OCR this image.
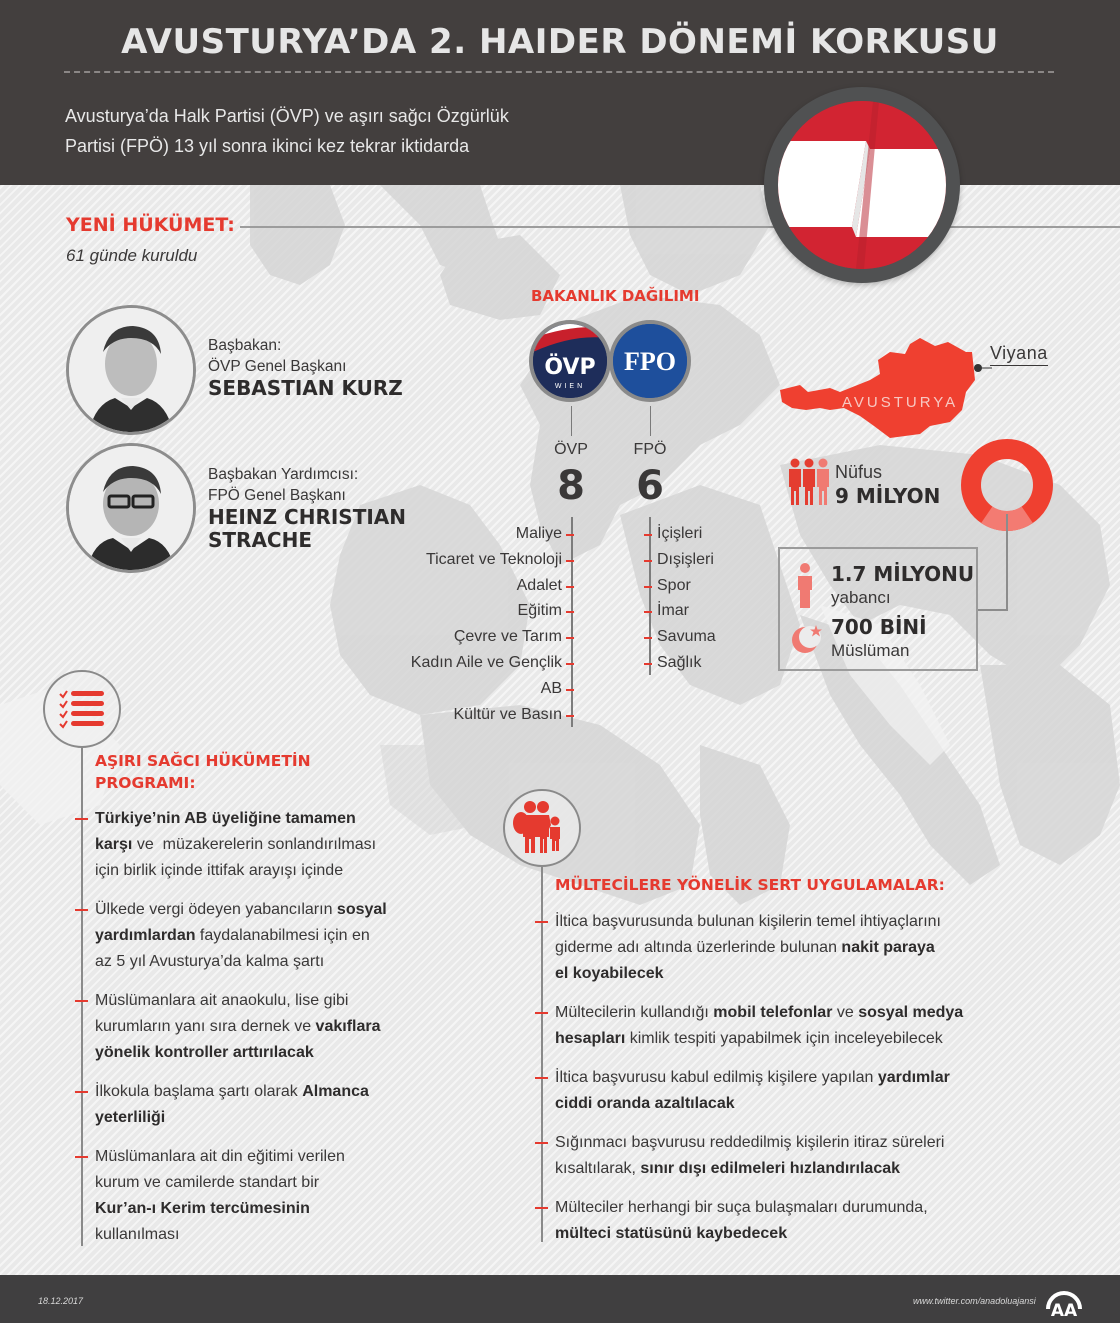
AVUSTURYA’DA 2. HAIDER DÖNEMİ KORKUSU
Avusturya’da Halk Partisi (ÖVP) ve aşırı sağcı Özgürlük
Partisi (FPÖ) 13 yıl sonra ikinci kez tekrar iktidarda
YENİ HÜKÜMET:
61 günde kuruldu
Başbakan:
ÖVP Genel Başkanı
SEBASTIAN KURZ
Başbakan Yardımcısı:
FPÖ Genel Başkanı
HEINZ CHRISTIAN
STRACHE
BAKANLIK DAĞILIMI
ÖVP
WIEN
FPO
ÖVP	FPÖ
8	6
Maliye
Ticaret ve Teknoloji
Adalet
Eğitim
Çevre ve Tarım
Kadın Aile ve Gençlik
AB
Kültür ve Basın
İçişleri
Dışişleri
Spor
İmar
Savuma
Sağlık
Viyana
AVUSTURYA
Nüfus
9 MİLYON
1.7 MİLYONU
yabancı
700 BİNİ
Müslüman
AŞIRI SAĞCI HÜKÜMETİN
PROGRAMI:
Türkiye’nin AB üyeliğine tamamen
karşı ve  müzakerelerin sonlandırılması
için birlik içinde ittifak arayışı içinde
Ülkede vergi ödeyen yabancıların sosyal
yardımlardan faydalanabilmesi için en
az 5 yıl Avusturya’da kalma şartı
Müslümanlara ait anaokulu, lise gibi
kurumların yanı sıra dernek ve vakıflara
yönelik kontroller arttırılacak
İlkokula başlama şartı olarak Almanca
yeterliliği
Müslümanlara ait din eğitimi verilen
kurum ve camilerde standart bir
Kur’an-ı Kerim tercümesinin
kullanılması
MÜLTECİLERE YÖNELİK SERT UYGULAMALAR:
İltica başvurusunda bulunan kişilerin temel ihtiyaçlarını
giderme adı altında üzerlerinde bulunan nakit paraya
el koyabilecek
Mültecilerin kullandığı mobil telefonlar ve sosyal medya
hesapları kimlik tespiti yapabilmek için inceleyebilecek
İltica başvurusu kabul edilmiş kişilere yapılan yardımlar
ciddi oranda azaltılacak
Sığınmacı başvurusu reddedilmiş kişilerin itiraz süreleri
kısaltılarak, sınır dışı edilmeleri hızlandırılacak
Mülteciler herhangi bir suça bulaşmaları durumunda,
mülteci statüsünü kaybedecek
18.12.2017	www.twitter.com/anadoluajansi AA
